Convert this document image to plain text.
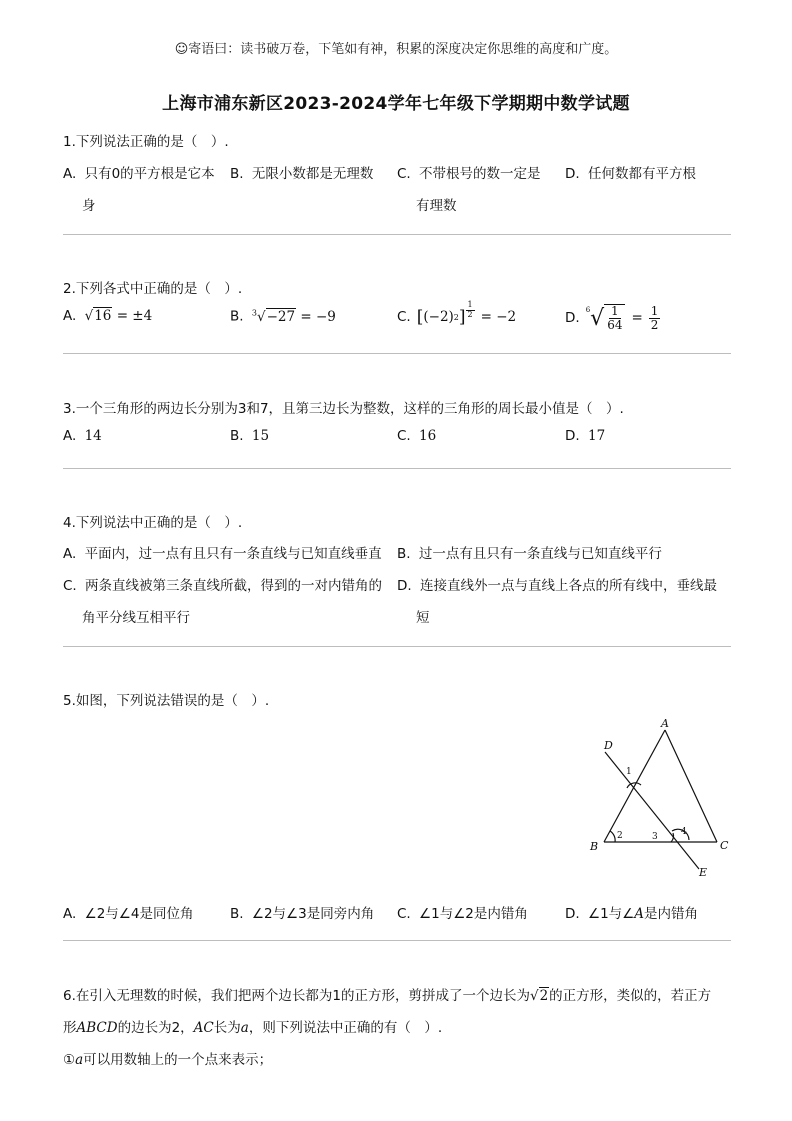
☺寄语曰：读书破万卷，下笔如有神，积累的深度决定你思维的高度和广度。
上海市浦东新区2023-2024学年七年级下学期期中数学试题
1.下列说法正确的是（　）.
A. 只有0的平方根是它本
身
B. 无限小数都是无理数 C. 不带根号的数一定是
有理数
D. 任何数都有平方根
2.下列各式中正确的是（　）.
A. √16 = ±4	B. $^3$√−27 = −9	C. [ (−2) 2 ] $\frac{1}{2} = -2$	D. 6 √ $\frac{1}{64} = \frac{1}{2}$
3.一个三角形的两边长分别为3和7，且第三边长为整数，这样的三角形的周长最小值是（　）.
A. 14	B. 15	C. 16	D. 17
4.下列说法中正确的是（　）.
A. 平面内，过一点有且只有一条直线与已知直线垂直 B. 过一点有且只有一条直线与已知直线平行
C. 两条直线被第三条直线所截，得到的一对内错角的
角平分线互相平行
D. 连接直线外一点与直线上各点的所有线中，垂线最
短
5.如图，下列说法错误的是（　）.
A
B	C
D
E
1
2	3	4
A. ∠2与∠4是同位角	B. ∠2与∠3是同旁内角 C. ∠1与∠2是内错角	D. ∠1与∠A是内错角
6.在引入无理数的时候，我们把两个边长都为1的正方形，剪拼成了一个边长为√2的正方形，类似的，若正方
形ABCD的边长为2，AC长为a，则下列说法中正确的有（　）.
①a可以用数轴上的一个点来表示；
